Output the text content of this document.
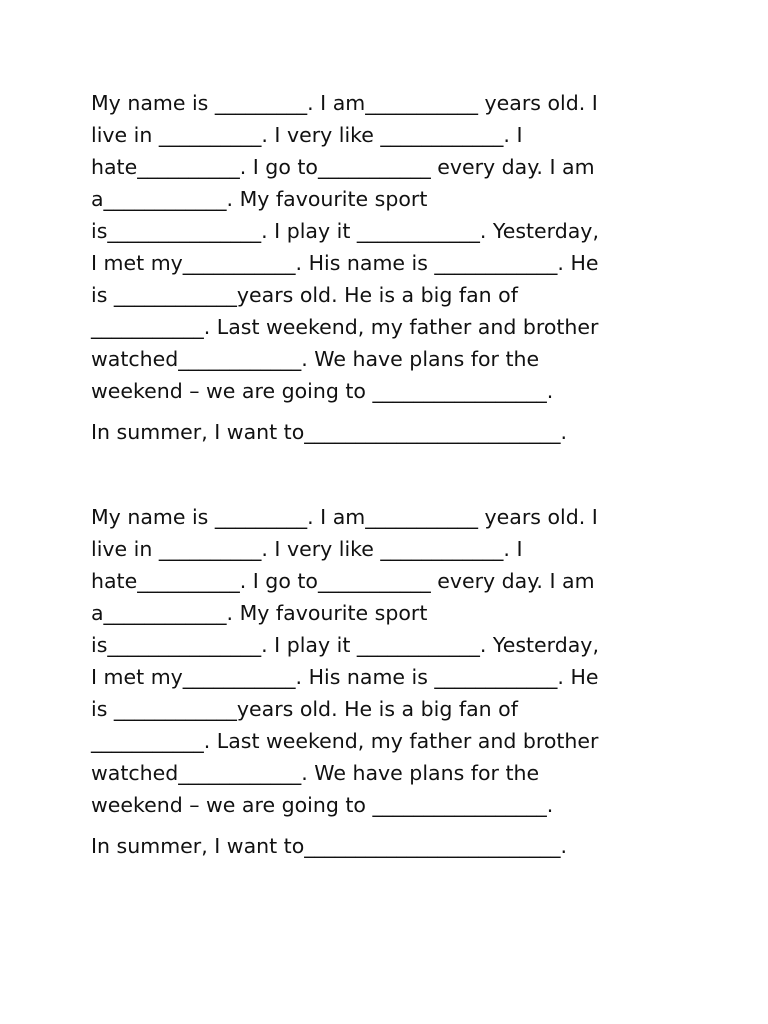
My name is _________. I am___________ years old. I
live in __________. I very like ____________. I
hate__________. I go to___________ every day. I am
a____________. My favourite sport
is_______________. I play it ____________. Yesterday,
I met my___________. His name is ____________. He
is ____________years old. He is a big fan of
___________. Last weekend, my father and brother
watched____________. We have plans for the
weekend – we are going to _________________.
In summer, I want to_________________________.
My name is _________. I am___________ years old. I
live in __________. I very like ____________. I
hate__________. I go to___________ every day. I am
a____________. My favourite sport
is_______________. I play it ____________. Yesterday,
I met my___________. His name is ____________. He
is ____________years old. He is a big fan of
___________. Last weekend, my father and brother
watched____________. We have plans for the
weekend – we are going to _________________.
In summer, I want to_________________________.
